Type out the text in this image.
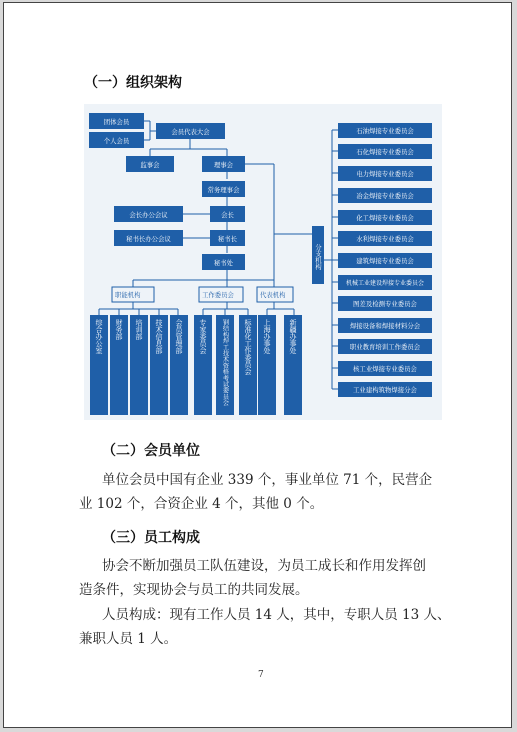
（一）组织架构
团体会员
个人会员
会员代表大会
监事会	理事会
常务理事会
会长
会长办公会议
秘书长
秘书长办公会议
秘书处
职能机构	工作委员会	代表机构
分支机构
综合办公室	财务部	培训部	技术信息部	会员管理部	专家委员会	钢结构焊工技术资格考试委员会	标准化工作委员会	上海办事处	新疆办事处
石油焊接专业委员会
石化焊接专业委员会
电力焊接专业委员会
冶金焊接专业委员会
化工焊接专业委员会
水利焊接专业委员会
建筑焊接专业委员会
机械工业建设焊接专业委员会
图差及检测专业委员会
焊接设备和焊接材料分会
职业教育培训工作委员会
核工业焊接专业委员会
工业建构筑物焊接分会
（二）会员单位
单位会员中国有企业 339 个，事业单位 71 个，民营企
业 102 个，合资企业 4 个，其他 0 个。
（三）员工构成
协会不断加强员工队伍建设，为员工成长和作用发挥创
造条件，实现协会与员工的共同发展。
人员构成：现有工作人员 14 人，其中，专职人员 13 人、
兼职人员 1 人。
7
